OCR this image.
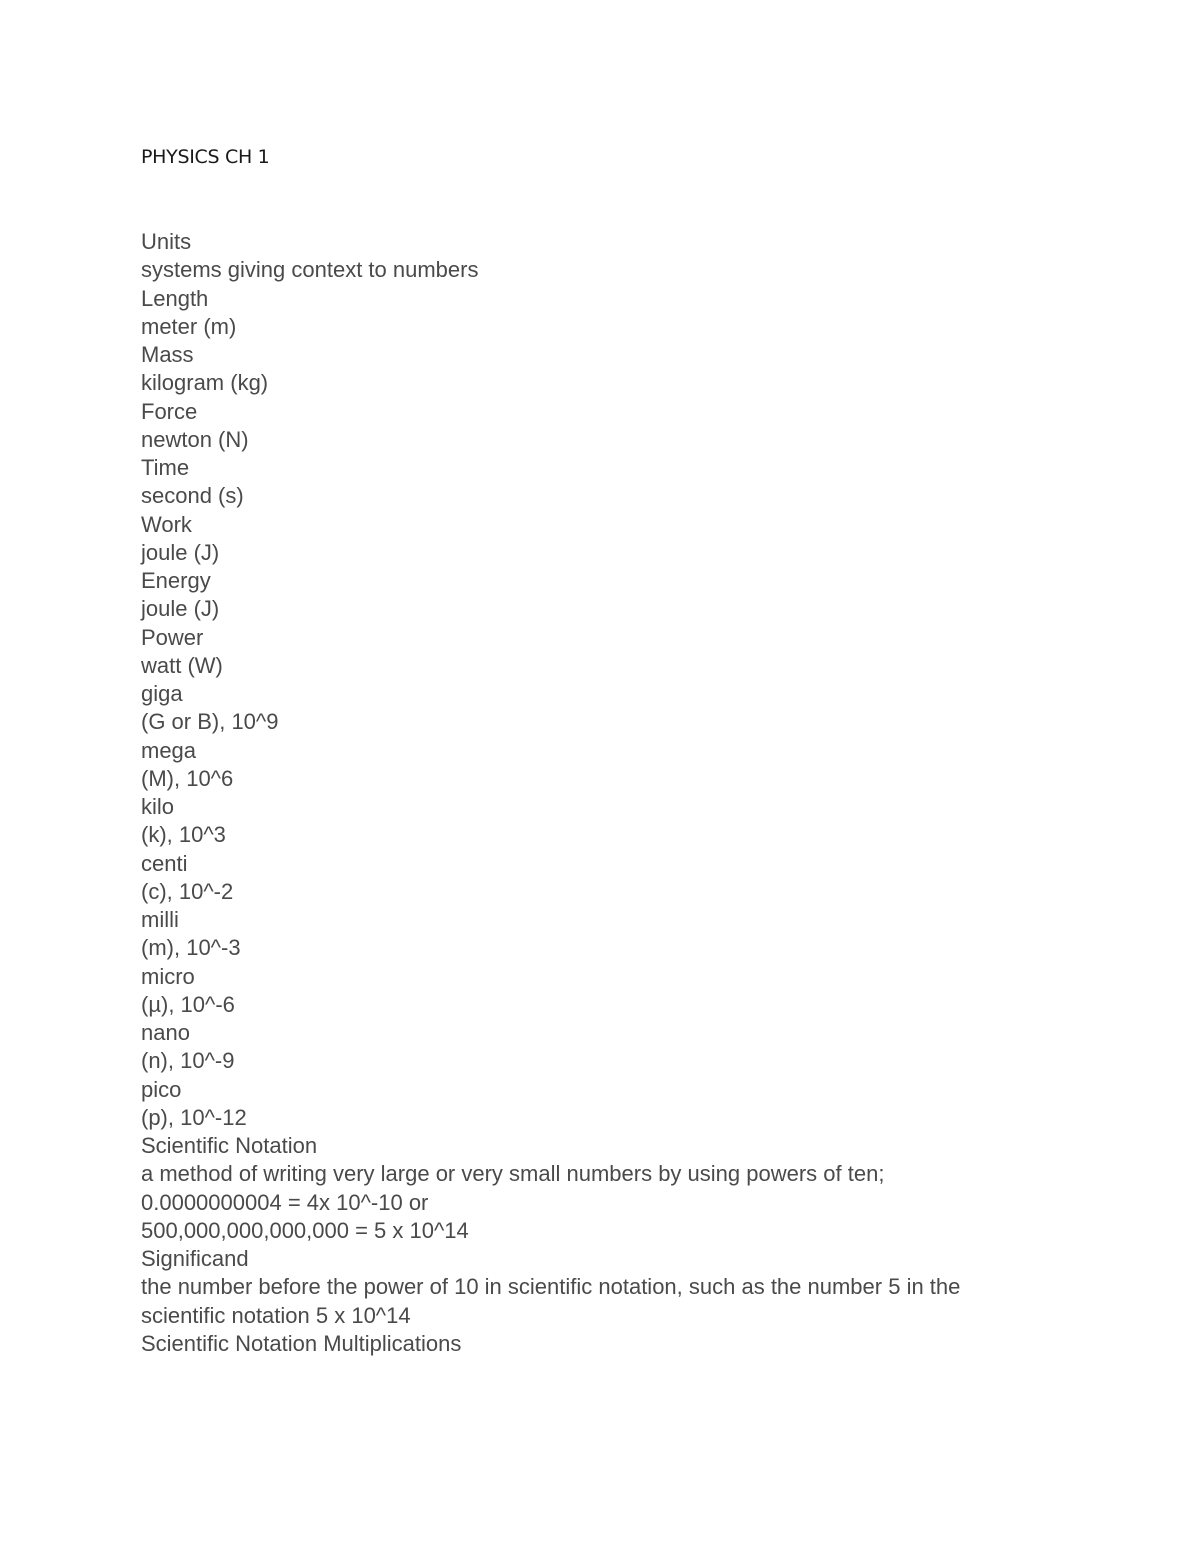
PHYSICS CH 1

Units

systems giving context to numbers

Length

meter (m)

Mass

kilogram (kg)

Force

newton (N)

Time

second (s)

Work

joule (J)

Energy

joule (J)

Power

watt (W)

giga

(G or B), 10^9

mega

(M), 10^6

kilo

(k), 10^3

centi

(c), 10^-2

milli

(m), 10^-3

micro

(µ), 10^-6

nano

(n), 10^-9

pico

(p), 10^-12

Scientific Notation

a method of writing very large or very small numbers by using powers of ten;

0.0000000004 = 4x 10^-10 or

500,000,000,000,000 = 5 x 10^14

Significand

the number before the power of 10 in scientific notation, such as the number 5 in the

scientific notation 5 x 10^14

Scientific Notation Multiplications
